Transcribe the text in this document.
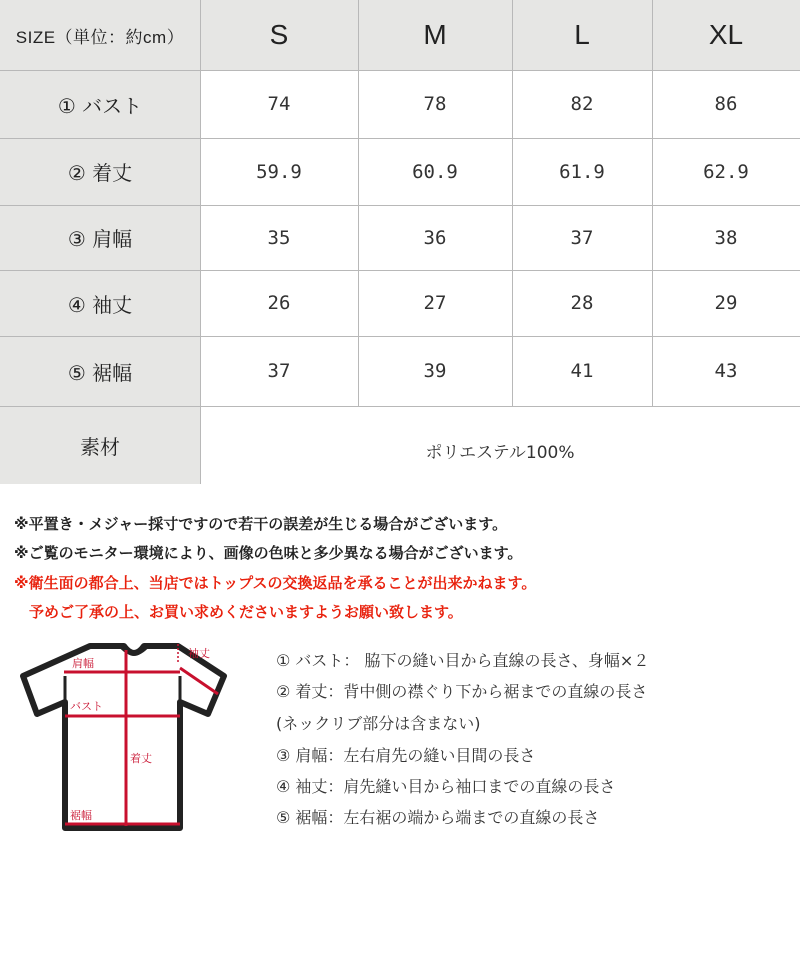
SIZE（単位：約cm）	S	M	L	XL
① バスト	74	78	82	86
② 着丈	59.9	60.9	61.9	62.9
③ 肩幅	35	36	37	38
④ 袖丈	26	27	28	29
⑤ 裾幅	37	39	41	43
素材	ポリエステル100%
※平置き・メジャー採寸ですので若干の誤差が生じる場合がございます。
※ご覧のモニター環境により、画像の色味と多少異なる場合がございます。
※衛生面の都合上、当店ではトップスの交換返品を承ることが出来かねます。
　予めご了承の上、お買い求めくださいますようお願い致します。
肩幅
バスト
着丈
袖丈
裾幅
① バスト： 脇下の縫い目から直線の長さ、身幅×２
② 着丈：背中側の襟ぐり下から裾までの直線の長さ
(ネックリブ部分は含まない)
③ 肩幅：左右肩先の縫い目間の長さ
④ 袖丈：肩先縫い目から袖口までの直線の長さ
⑤ 裾幅：左右裾の端から端までの直線の長さ
